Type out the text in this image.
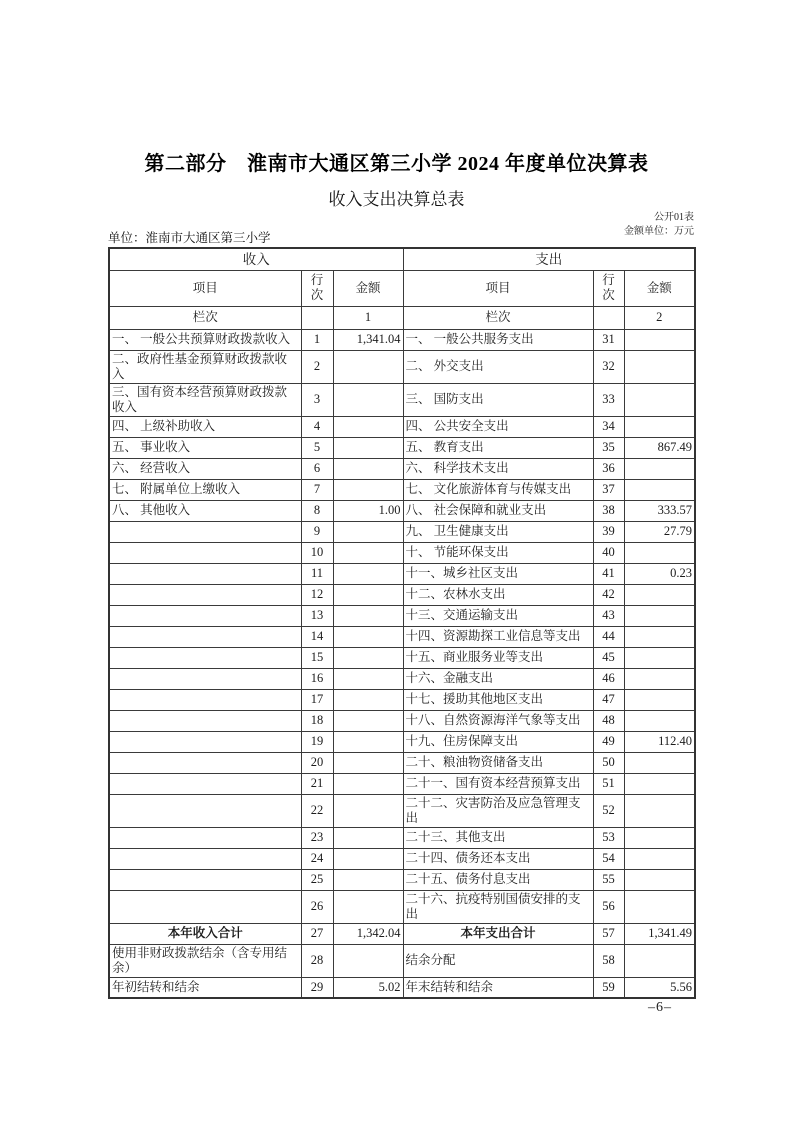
第二部分　淮南市大通区第三小学 2024 年度单位决算表
收入支出决算总表
公开01表
金额单位：万元
单位：淮南市大通区第三小学
收入			支出		
项目	行次	金额	项目	行次	金额
栏次		1	栏次		2
一、 一般公共预算财政拨款收入	1	1,341.04	一、 一般公共服务支出	31	
二、政府性基金预算财政拨款收入	2		二、 外交支出	32	
三、国有资本经营预算财政拨款收入	3		三、 国防支出	33	
四、 上级补助收入	4		四、 公共安全支出	34	
五、 事业收入	5		五、 教育支出	35	867.49
六、 经营收入	6		六、 科学技术支出	36	
七、 附属单位上缴收入	7		七、 文化旅游体育与传媒支出	37	
八、 其他收入	8	1.00	八、 社会保障和就业支出	38	333.57
	9		九、 卫生健康支出	39	27.79
	10		十、 节能环保支出	40	
	11		十一、城乡社区支出	41	0.23
	12		十二、农林水支出	42	
	13		十三、交通运输支出	43	
	14		十四、资源勘探工业信息等支出	44	
	15		十五、商业服务业等支出	45	
	16		十六、金融支出	46	
	17		十七、援助其他地区支出	47	
	18		十八、自然资源海洋气象等支出	48	
	19		十九、住房保障支出	49	112.40
	20		二十、粮油物资储备支出	50	
	21		二十一、国有资本经营预算支出	51	
	22		二十二、灾害防治及应急管理支出	52	
	23		二十三、其他支出	53	
	24		二十四、债务还本支出	54	
	25		二十五、债务付息支出	55	
	26		二十六、抗疫特别国债安排的支出	56	
本年收入合计	27	1,342.04	本年支出合计	57	1,341.49
使用非财政拨款结余（含专用结余）	28		结余分配	58	
年初结转和结余	29	5.02	年末结转和结余	59	5.56
–6–
